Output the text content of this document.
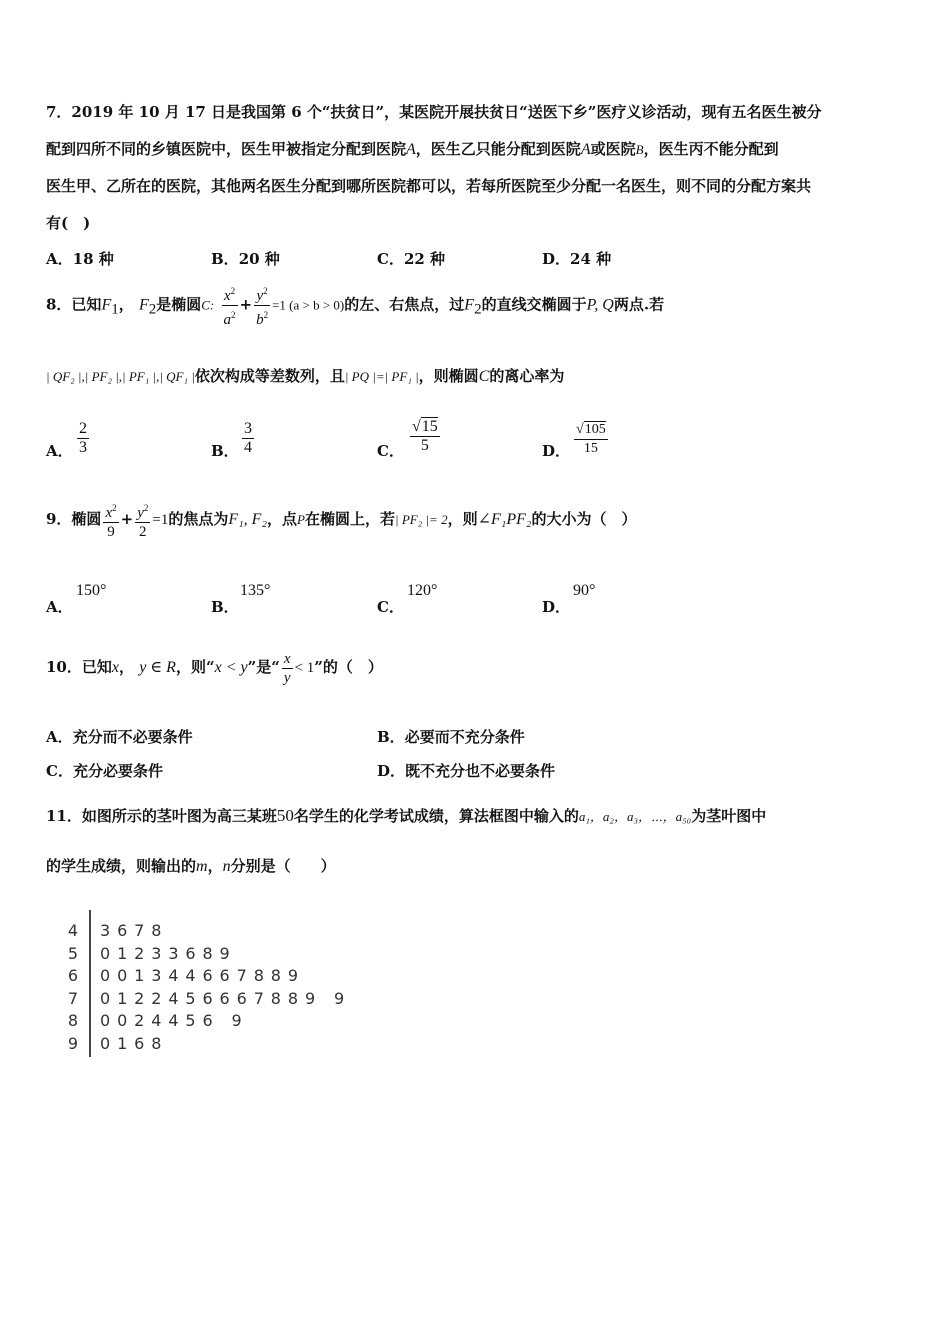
7．2019 年 10 月 17 日是我国第 6 个“扶贫日”，某医院开展扶贫日“送医下乡”医疗义诊活动，现有五名医生被分
配到四所不同的乡镇医院中，医生甲被指定分配到医院A，医生乙只能分配到医院A或医院B，医生丙不能分配到
医生甲、乙所在的医院，其他两名医生分配到哪所医院都可以，若每所医院至少分配一名医生，则不同的分配方案共
有(　)
A．18 种	B．20 种	C．22 种	D．24 种
8．已知$F_1$， $F_2$是椭圆C: $\frac{x^2}{a^2} + \frac{y^2}{b^2} =1$ (a > b > 0)的左、右焦点，过$F_2$的直线交椭圆于P, Q两点.若
| QF₂ |,| PF₂ |,| PF₁ |,| QF₁ |依次构成等差数列，且| PQ |=| PF₁ |，则椭圆C的离心率为
A． $\frac{2}{3}$	B． $\frac{3}{4}$	C． $\frac{√15}{5}$	D． $\frac{√105}{15}$
9．椭圆 $\frac{x^2}{9} + \frac{y^2}{2} =1$的焦点为F₁, F₂，点P在椭圆上，若| PF₂ |= 2，则∠F₁PF₂的大小为（　）
A．
150°
B．
135°
C．
120°
D．
90°
10．已知x， y ∈ R，则“x < y”是“ $\frac{x}{y} < 1$”的（　）
A．充分而不必要条件	B．必要而不充分条件
C．充分必要条件	D．既不充分也不必要条件
11．如图所示的茎叶图为高三某班50名学生的化学考试成绩，算法框图中输入的a₁，a₂，a₃，⋯，a₅₀为茎叶图中
的学生成绩，则输出的m，n分别是（　　）
4 3678
5 01233689
6 001344667889
7 0122456667889 9
8 0024456 9
9 0168
